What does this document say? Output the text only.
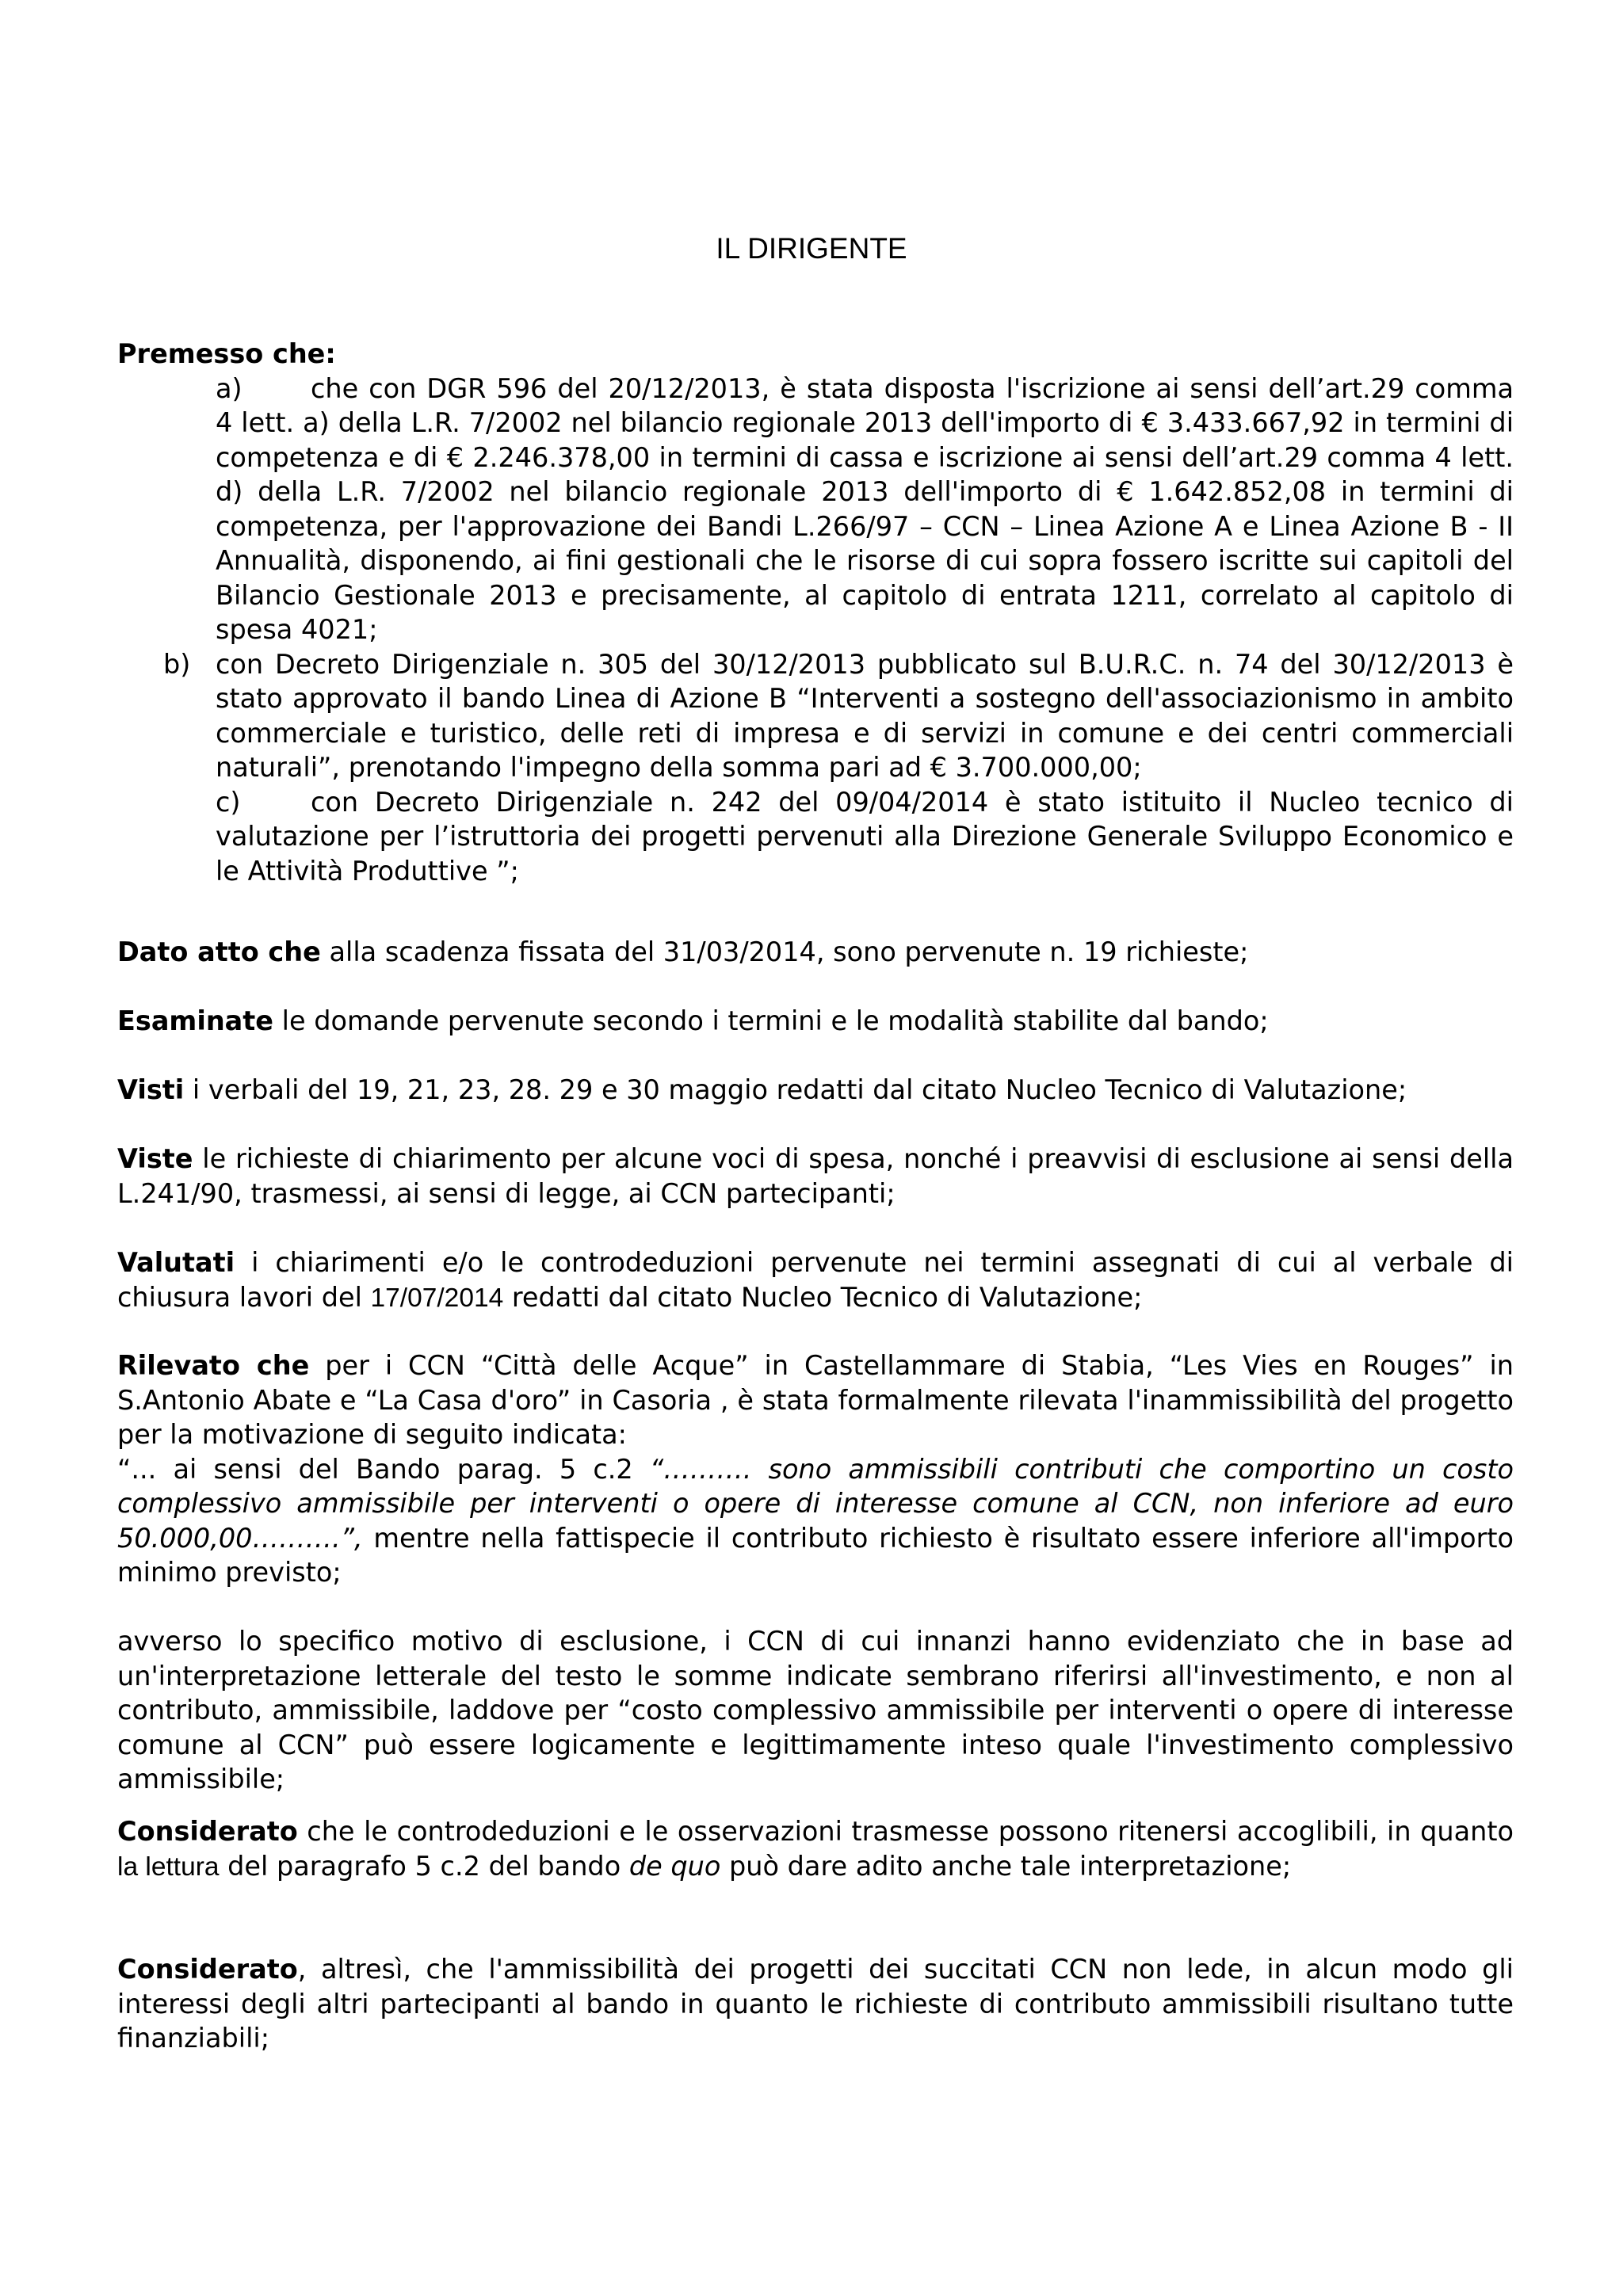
IL DIRIGENTE

Premesso che:

a)	che con DGR 596 del 20/12/2013, è stata disposta l'iscrizione ai sensi dell’art.29 comma 4 lett. a) della L.R. 7/2002 nel bilancio regionale 2013 dell'importo di € 3.433.667,92 in termini di competenza e di € 2.246.378,00 in termini di cassa e iscrizione ai sensi dell’art.29 comma 4 lett. d) della L.R. 7/2002 nel bilancio regionale 2013 dell'importo di € 1.642.852,08 in termini di competenza, per l'approvazione dei Bandi L.266/97 – CCN – Linea Azione A e Linea Azione B - II Annualità, disponendo, ai fini gestionali che le risorse di cui sopra fossero iscritte sui capitoli del Bilancio Gestionale 2013 e precisamente, al capitolo di entrata 1211, correlato al capitolo di spesa 4021;

b) con Decreto Dirigenziale n. 305 del 30/12/2013 pubblicato sul B.U.R.C. n. 74 del 30/12/2013 è stato approvato il bando Linea di Azione B “Interventi a sostegno dell'associazionismo in ambito commerciale e turistico, delle reti di impresa e di servizi in comune e dei centri commerciali naturali”, prenotando l'impegno della somma pari ad € 3.700.000,00;

c)	con Decreto Dirigenziale n. 242 del 09/04/2014 è stato istituito il Nucleo tecnico di valutazione per l’istruttoria dei progetti pervenuti alla Direzione Generale Sviluppo Economico e le Attività Produttive ”;

Dato atto che alla scadenza fissata del 31/03/2014, sono pervenute n. 19 richieste;

Esaminate le domande pervenute secondo i termini e le modalità stabilite dal bando;

Visti i verbali del 19, 21, 23, 28. 29 e 30 maggio redatti dal citato Nucleo Tecnico di Valutazione;

Viste le richieste di chiarimento per alcune voci di spesa, nonché i preavvisi di esclusione ai sensi della L.241/90, trasmessi, ai sensi di legge, ai CCN partecipanti;

Valutati i chiarimenti e/o le controdeduzioni pervenute nei termini assegnati di cui al verbale di chiusura lavori del 17/07/2014 redatti dal citato Nucleo Tecnico di Valutazione;

Rilevato che per i CCN “Città delle Acque” in Castellammare di Stabia, “Les Vies en Rouges” in S.Antonio Abate e “La Casa d'oro” in Casoria , è stata formalmente rilevata l'inammissibilità del progetto per la motivazione di seguito indicata:

“... ai sensi del Bando parag. 5 c.2 “………. sono ammissibili contributi che comportino un costo complessivo ammissibile per interventi o opere di interesse comune al CCN, non inferiore ad euro 50.000,00……….”, mentre nella fattispecie il contributo richiesto è risultato essere inferiore all'importo minimo previsto;

avverso lo specifico motivo di esclusione, i CCN di cui innanzi hanno evidenziato che in base ad un'interpretazione letterale del testo le somme indicate sembrano riferirsi all'investimento, e non al contributo, ammissibile, laddove per “costo complessivo ammissibile per interventi o opere di interesse comune al CCN” può essere logicamente e legittimamente inteso quale l'investimento complessivo ammissibile;

Considerato che le controdeduzioni e le osservazioni trasmesse possono ritenersi accoglibili, in quanto la lettura del paragrafo 5 c.2 del bando de quo può dare adito anche tale interpretazione;

Considerato, altresì, che l'ammissibilità dei progetti dei succitati CCN non lede, in alcun modo gli interessi degli altri partecipanti al bando in quanto le richieste di contributo ammissibili risultano tutte finanziabili;
